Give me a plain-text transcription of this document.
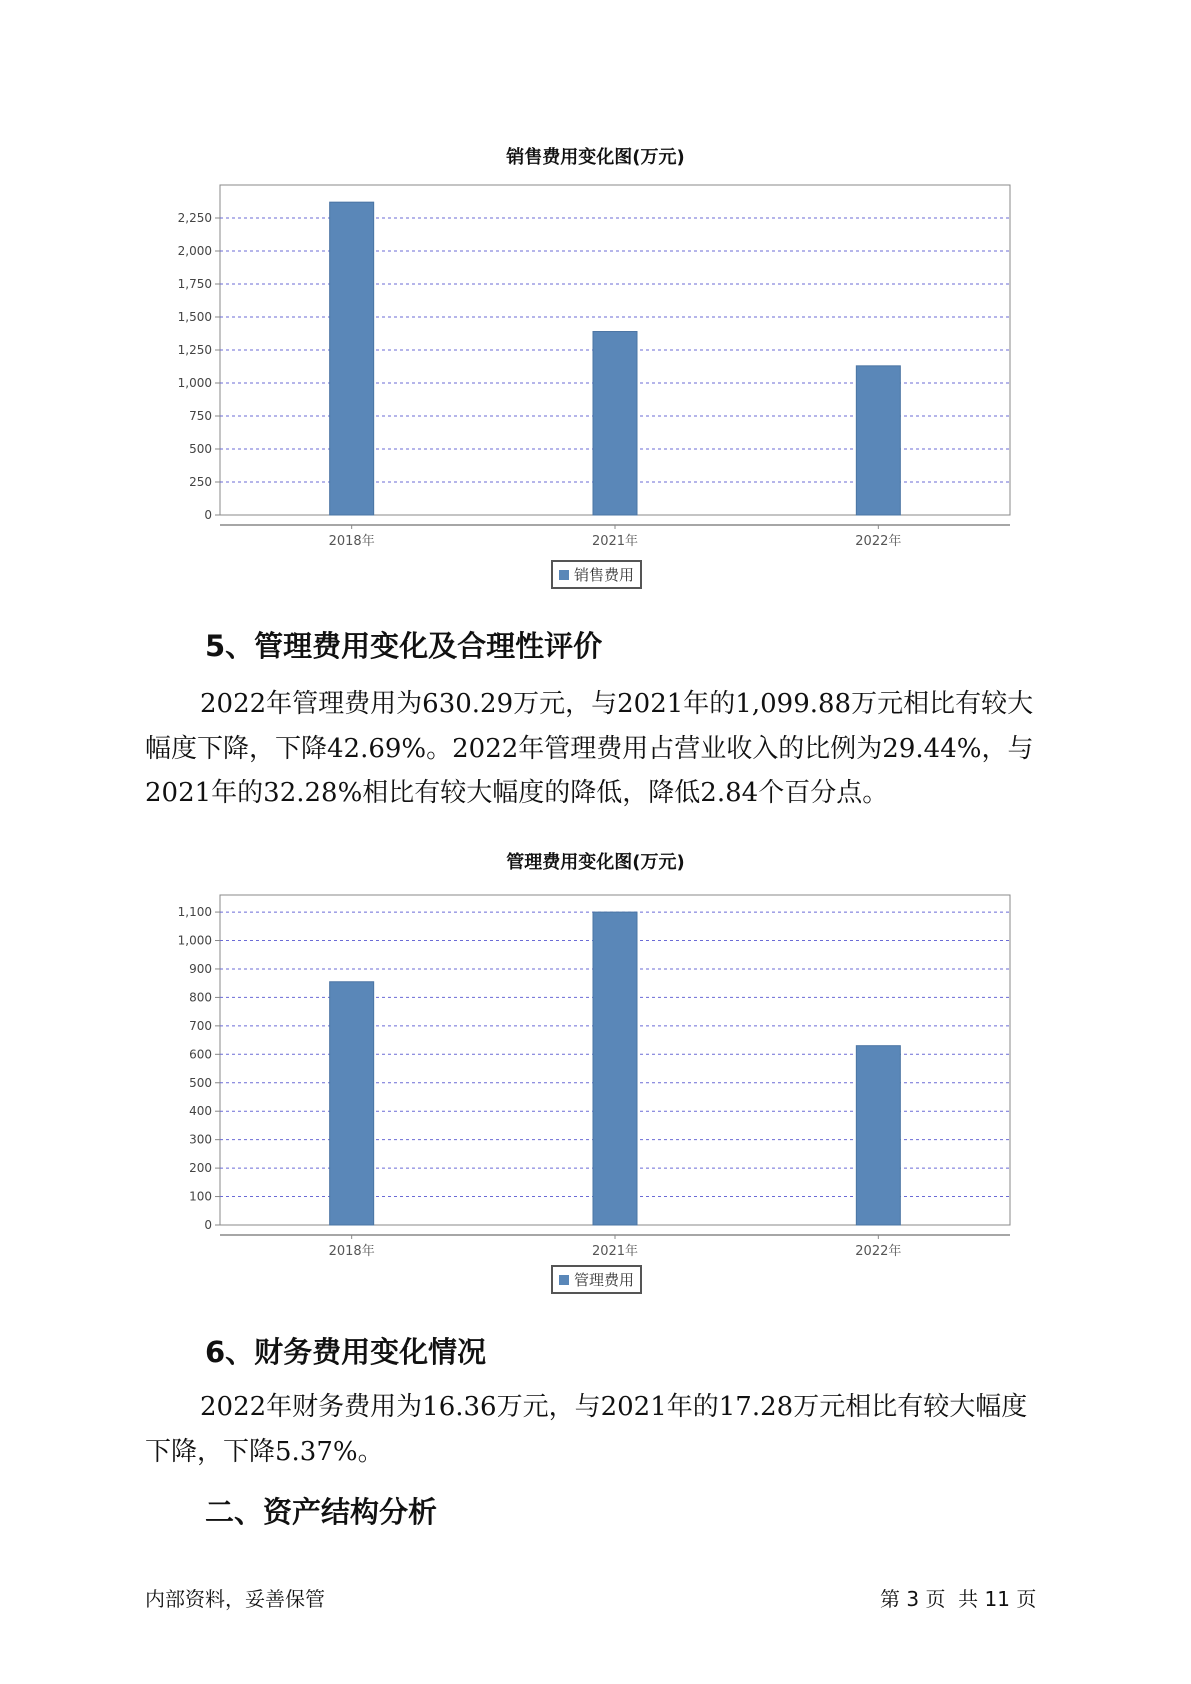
销售费用变化图(万元)
0
250
500
750
1,000
1,250
1,500
1,750
2,000
2,250
2018年	2021年	2022年
销售费用
5、管理费用变化及合理性评价

2022年管理费用为630.29万元，与2021年的1,099.88万元相比有较大幅度下降，下降42.69%。2022年管理费用占营业收入的比例为29.44%，与2021年的32.28%相比有较大幅度的降低，降低2.84个百分点。

管理费用变化图(万元)
0
100
200
300
400
500
600
700
800
900
1,000
1,100
2018年	2021年	2022年
管理费用
6、财务费用变化情况

2022年财务费用为16.36万元，与2021年的17.28万元相比有较大幅度下降，下降5.37%。

二、资产结构分析
内部资料，妥善保管	第 3 页  共 11 页
